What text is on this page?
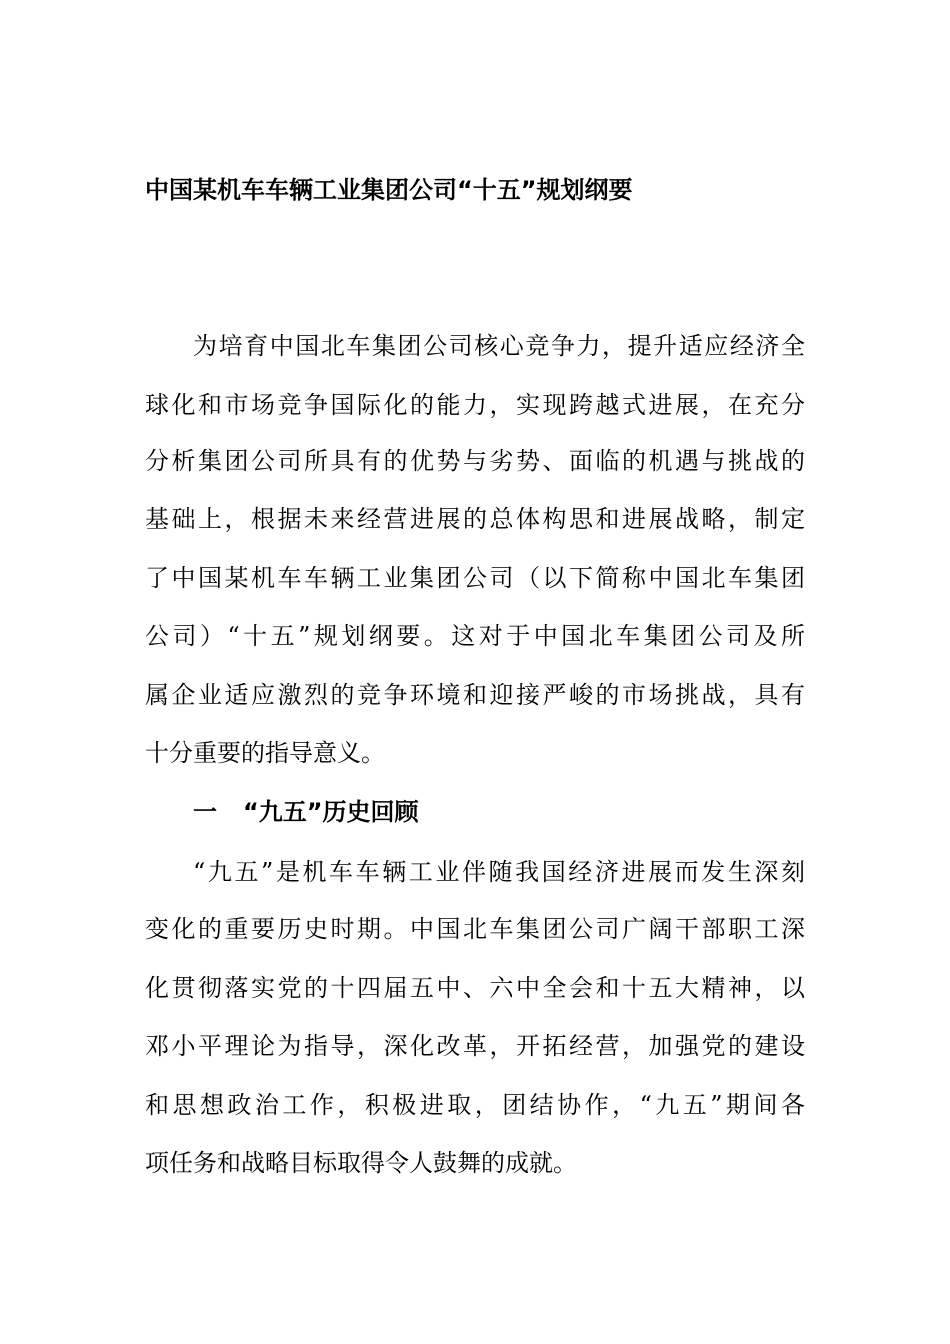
中国某机车车辆工业集团公司“十五”规划纲要

为培育中国北车集团公司核心竞争力，提升适应经济全

球化和市场竞争国际化的能力，实现跨越式进展，在充分

分析集团公司所具有的优势与劣势、面临的机遇与挑战的

基础上，根据未来经营进展的总体构思和进展战略，制定

了中国某机车车辆工业集团公司（以下简称中国北车集团

公司）“十五”规划纲要。这对于中国北车集团公司及所

属企业适应激烈的竞争环境和迎接严峻的市场挑战，具有

十分重要的指导意义。

一 “九五”历史回顾

“九五”是机车车辆工业伴随我国经济进展而发生深刻

变化的重要历史时期。中国北车集团公司广阔干部职工深

化贯彻落实党的十四届五中、六中全会和十五大精神，以

邓小平理论为指导，深化改革，开拓经营，加强党的建设

和思想政治工作，积极进取，团结协作，“九五”期间各

项任务和战略目标取得令人鼓舞的成就。
